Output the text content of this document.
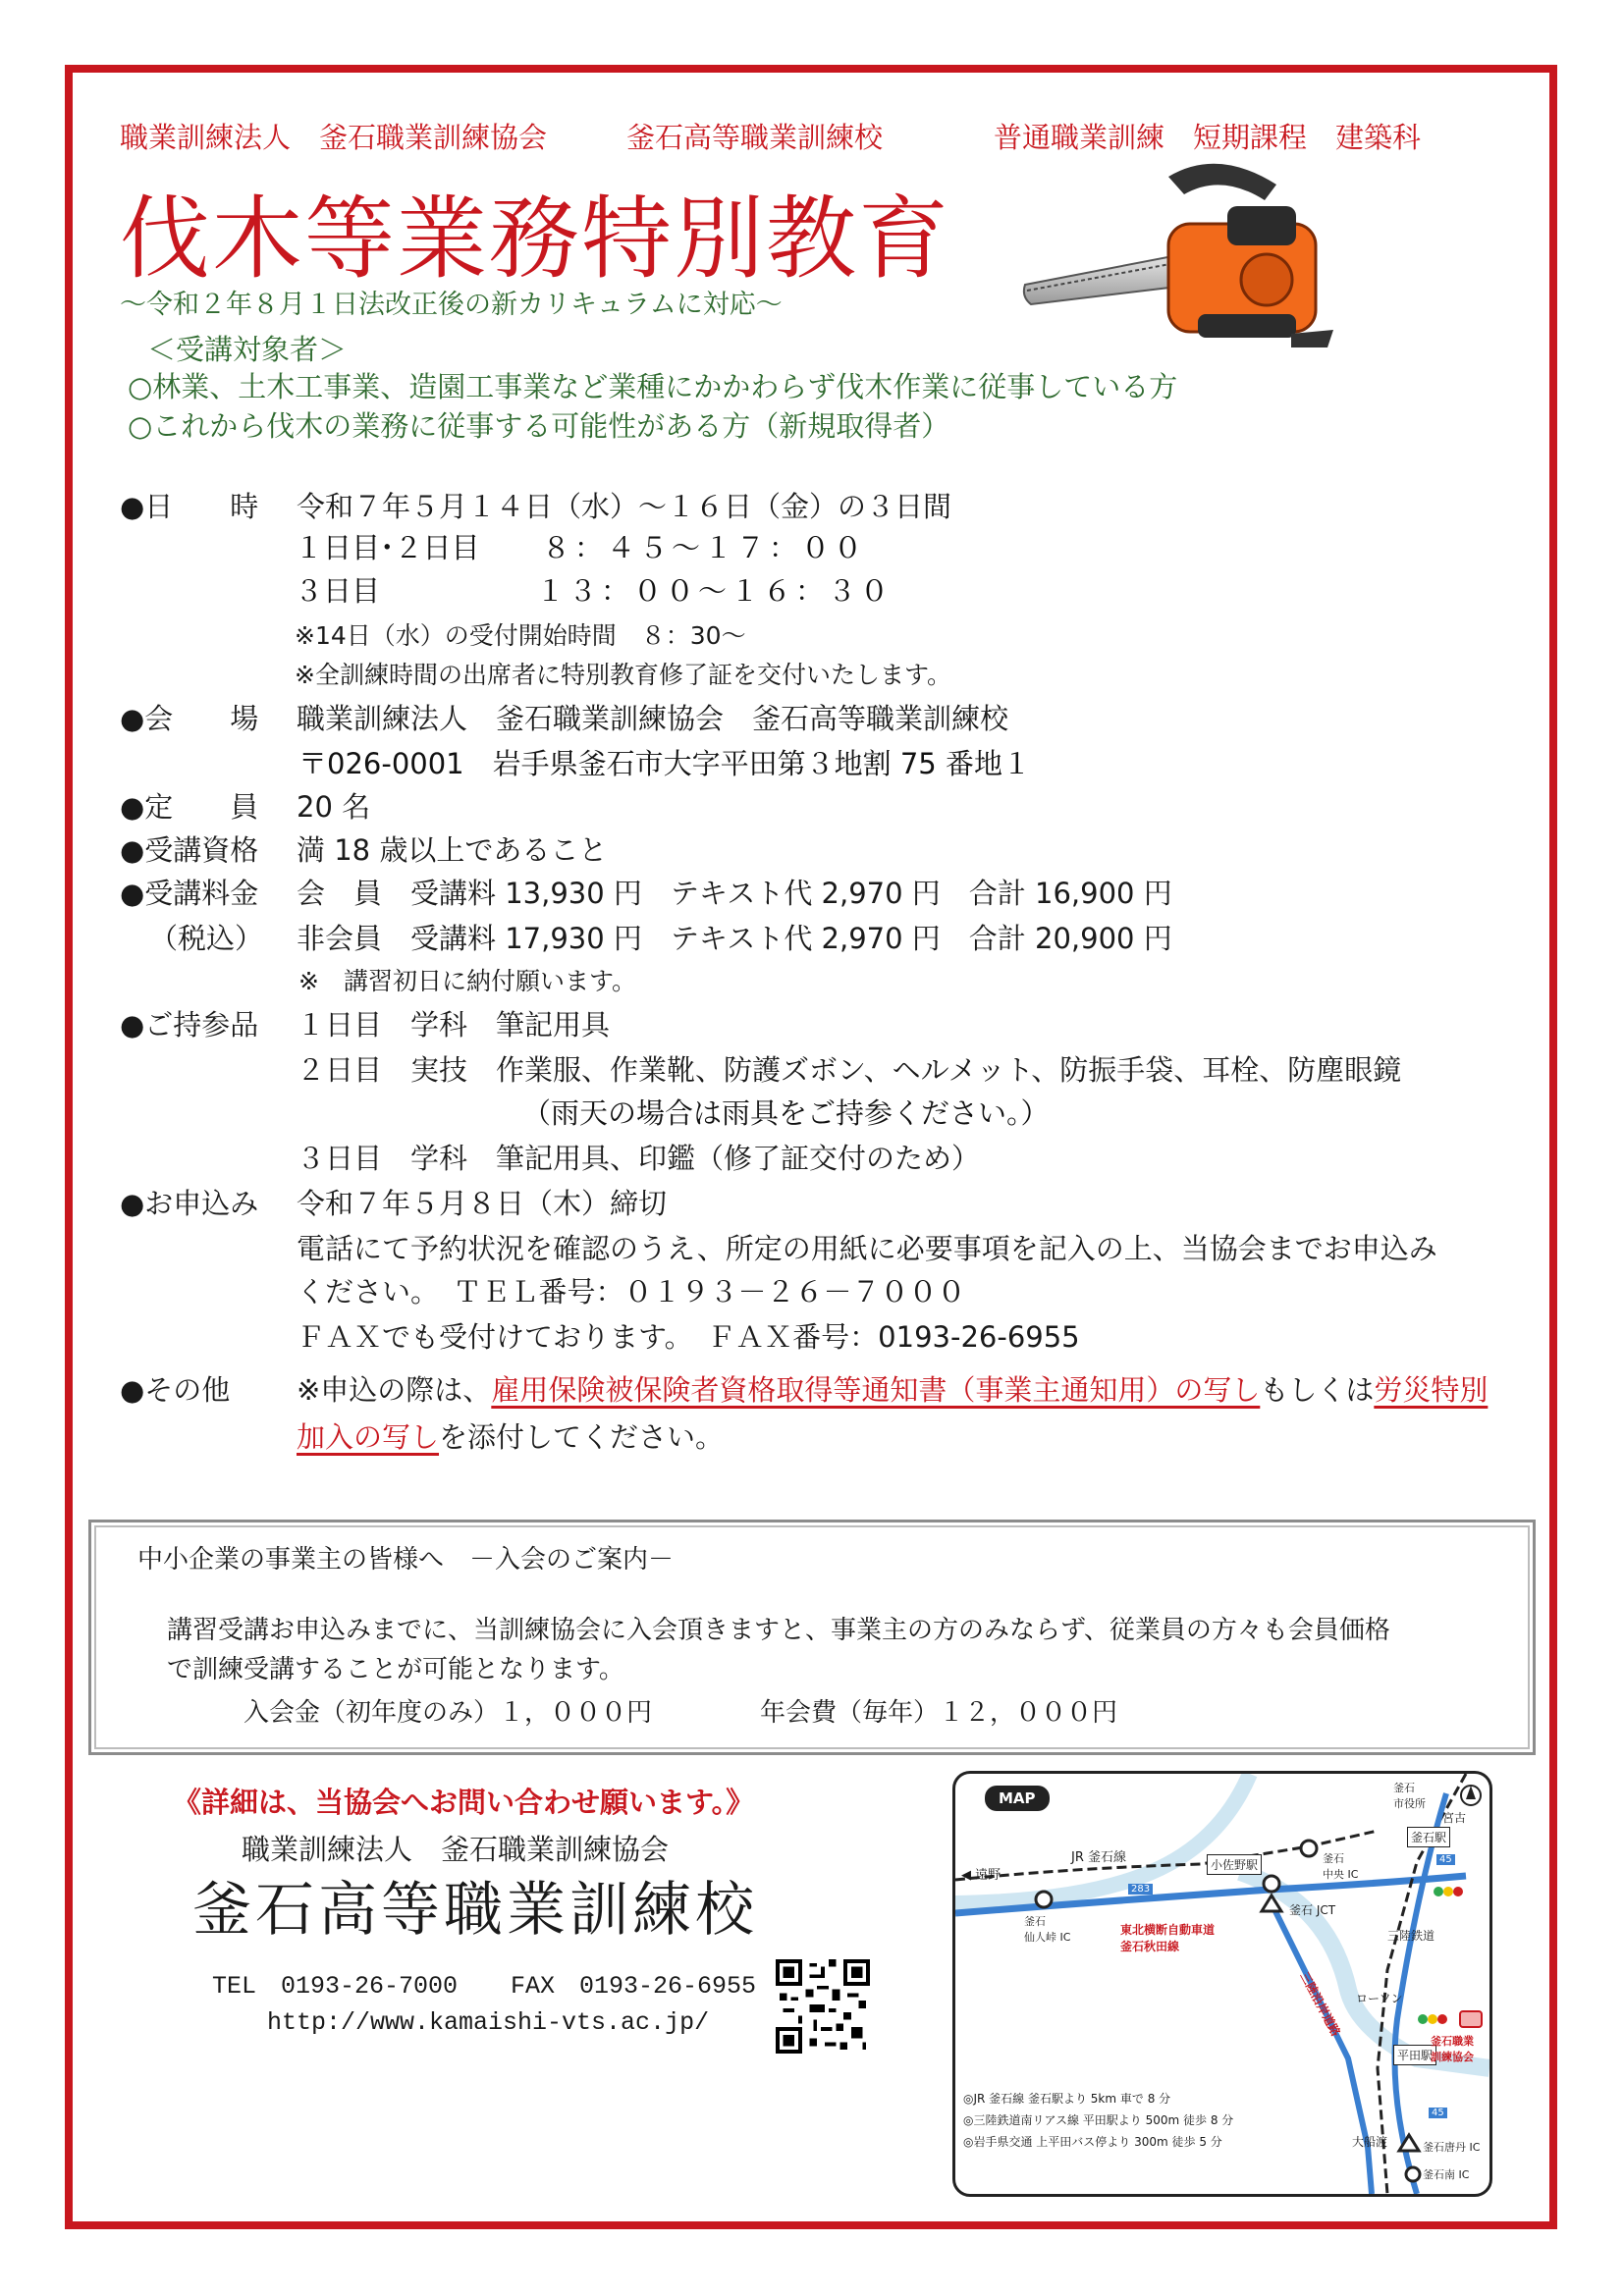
職業訓練法人　釜石職業訓練協会	釜石高等職業訓練校	普通職業訓練　短期課程　建築科
伐木等業務特別教育
～令和２年８月１日法改正後の新カリキュラムに対応～
＜受講対象者＞
○林業、土木工事業、造園工事業など業種にかかわらず伐木作業に従事している方
○これから伐木の業務に従事する可能性がある方（新規取得者）
●日　　時 令和７年５月１４日（水）～１６日（金）の３日間
１日目･２日目 ８：４５～１７：００
３日目	１３：００～１６：３０
※14日（水）の受付開始時間　８：30～
※全訓練時間の出席者に特別教育修了証を交付いたします。
●会　　場 職業訓練法人　釜石職業訓練協会　釜石高等職業訓練校
〒026-0001　岩手県釜石市大字平田第３地割 75 番地１
●定　　員 20 名
●受講資格 満 18 歳以上であること
●受講料金 会　員　受講料 13,930 円　テキスト代 2,970 円　合計 16,900 円
（税込） 非会員　受講料 17,930 円　テキスト代 2,970 円　合計 20,900 円
※　講習初日に納付願います。
●ご持参品 １日目　学科　筆記用具
２日目　実技　作業服、作業靴、防護ズボン、ヘルメット、防振手袋、耳栓、防塵眼鏡
（雨天の場合は雨具をご持参ください。）
３日目　学科　筆記用具、印鑑（修了証交付のため）
●お申込み 令和７年５月８日（木）締切
電話にて予約状況を確認のうえ、所定の用紙に必要事項を記入の上、当協会までお申込み
ください。　ＴＥＬ番号：０１９３－２６－７０００
ＦＡＸでも受付けております。　ＦＡＸ番号：0193-26-6955
●その他 ※申込の際は、雇用保険被保険者資格取得等通知書（事業主通知用）の写しもしくは労災特別
加入の写しを添付してください。
中小企業の事業主の皆様へ　－入会のご案内－
講習受講お申込みまでに、当訓練協会に入会頂きますと、事業主の方のみならず、従業員の方々も会員価格
で訓練受講することが可能となります。
入会金（初年度のみ）１，０００円	年会費（毎年）１２，０００円
《詳細は、当協会へお問い合わせ願います。》
職業訓練法人　釜石職業訓練協会
釜石高等職業訓練校
TEL　0193-26-7000 FAX　0193-26-6955
http://www.kamaishi-vts.ac.jp/
MAP
◀ 遠野
JR 釜石線	小佐野駅
釜石
市役所
釜石駅
宮古
釜石
中央 IC
釜石 JCT
釜石
仙人峠 IC
東北横断自動車道
釜石秋田線
三陸鉄道
三陸沿岸道路 ローソン
平田駅
釜石職業
訓練協会
大船渡	釜石唐丹 IC
釜石南 IC
283
45
45
◎JR 釜石線 釜石駅より 5km 車で 8 分
◎三陸鉄道南リアス線 平田駅より 500m 徒歩 8 分
◎岩手県交通 上平田バス停より 300m 徒歩 5 分
